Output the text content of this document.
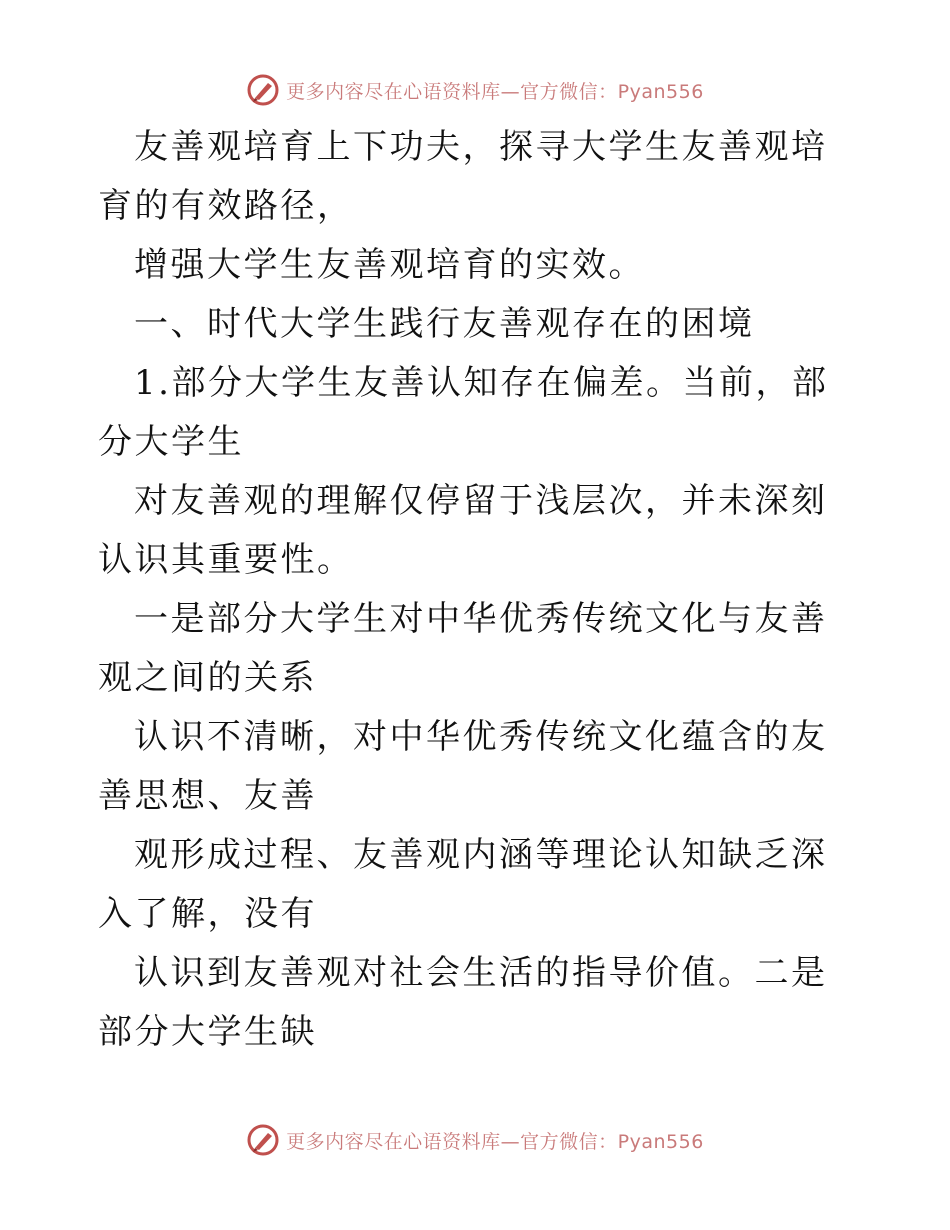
更多内容尽在心语资料库—官方微信：Pyan556

友善观培育上下功夫，探寻大学生友善观培育的有效路径，

增强大学生友善观培育的实效。

一、时代大学生践行友善观存在的困境

1.部分大学生友善认知存在偏差。当前，部分大学生

对友善观的理解仅停留于浅层次，并未深刻认识其重要性。

一是部分大学生对中华优秀传统文化与友善观之间的关系

认识不清晰，对中华优秀传统文化蕴含的友善思想、友善

观形成过程、友善观内涵等理论认知缺乏深入了解，没有

认识到友善观对社会生活的指导价值。二是部分大学生缺

更多内容尽在心语资料库—官方微信：Pyan556
